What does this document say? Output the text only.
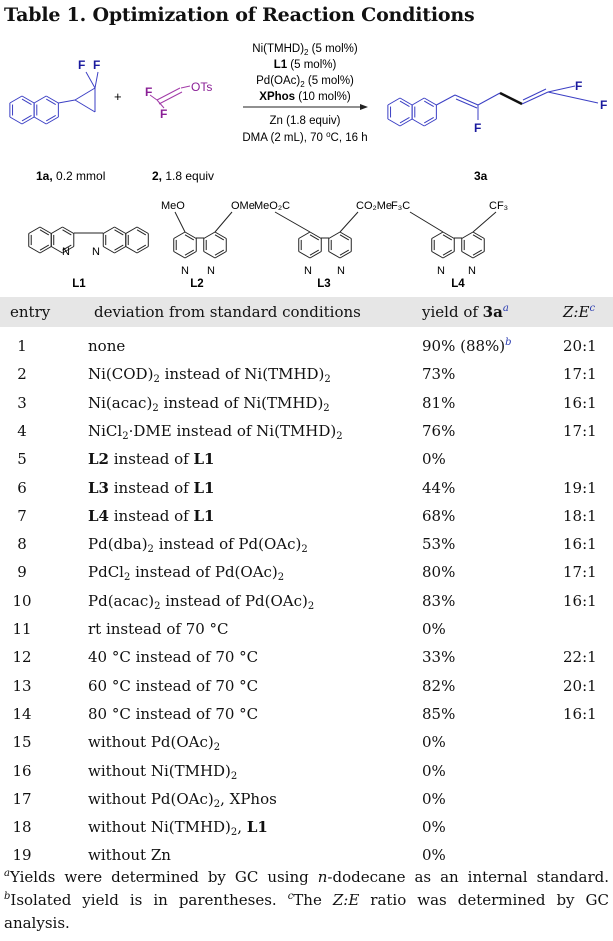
Table 1. Optimization of Reaction Conditions
F F
+ F
F
OTs
$Ni(TMHD)_2$ (5 mol%)
L1 (5 mol%)
$Pd(OAc)_2$ (5 mol%)
XPhos (10 mol%)
Zn (1.8 equiv)
DMA (2 mL), 70 $^o$C, 16 h
F
F
F
1a, 0.2 mmol	2, 1.8 equiv	3a
N N
N N
MeO	OMe
N N
MeO₂C	CO₂Me
N N
F₃C	CF₃
L1	L2	L3	L4
entry	deviation from standard conditions	yield of 3a$^a$	Z:E$^c$
1	none	90% (88%)$^b$	20:1
2	$Ni(COD)_2$ instead of $Ni(TMHD)_2$	73%	17:1
3	$Ni(acac)_2$ instead of $Ni(TMHD)_2$	81%	16:1
4	NiCl$_2$·DME instead of $Ni(TMHD)_2$	76%	17:1
5	L2 instead of L1	0%
6	L3 instead of L1	44%	19:1
7	L4 instead of L1	68%	18:1
8	$Pd(dba)_2$ instead of $Pd(OAc)_2$	53%	16:1
9	PdCl$_2$ instead of $Pd(OAc)_2$	80%	17:1
10	$Pd(acac)_2$ instead of $Pd(OAc)_2$	83%	16:1
11	rt instead of 70 °C	0%
12	40 °C instead of 70 °C	33%	22:1
13	60 °C instead of 70 °C	82%	20:1
14	80 °C instead of 70 °C	85%	16:1
15	without $Pd(OAc)_2$	0%
16	without $Ni(TMHD)_2$	0%
17	without $Pd(OAc)_2$, XPhos	0%
18	without $Ni(TMHD)_2$, L1	0%
19	without Zn	0%
$^a$Yields were determined by GC using n-dodecane as an internal standard. $^b$Isolated yield is in parentheses. $^c$The Z:E ratio was determined by GC analysis.
